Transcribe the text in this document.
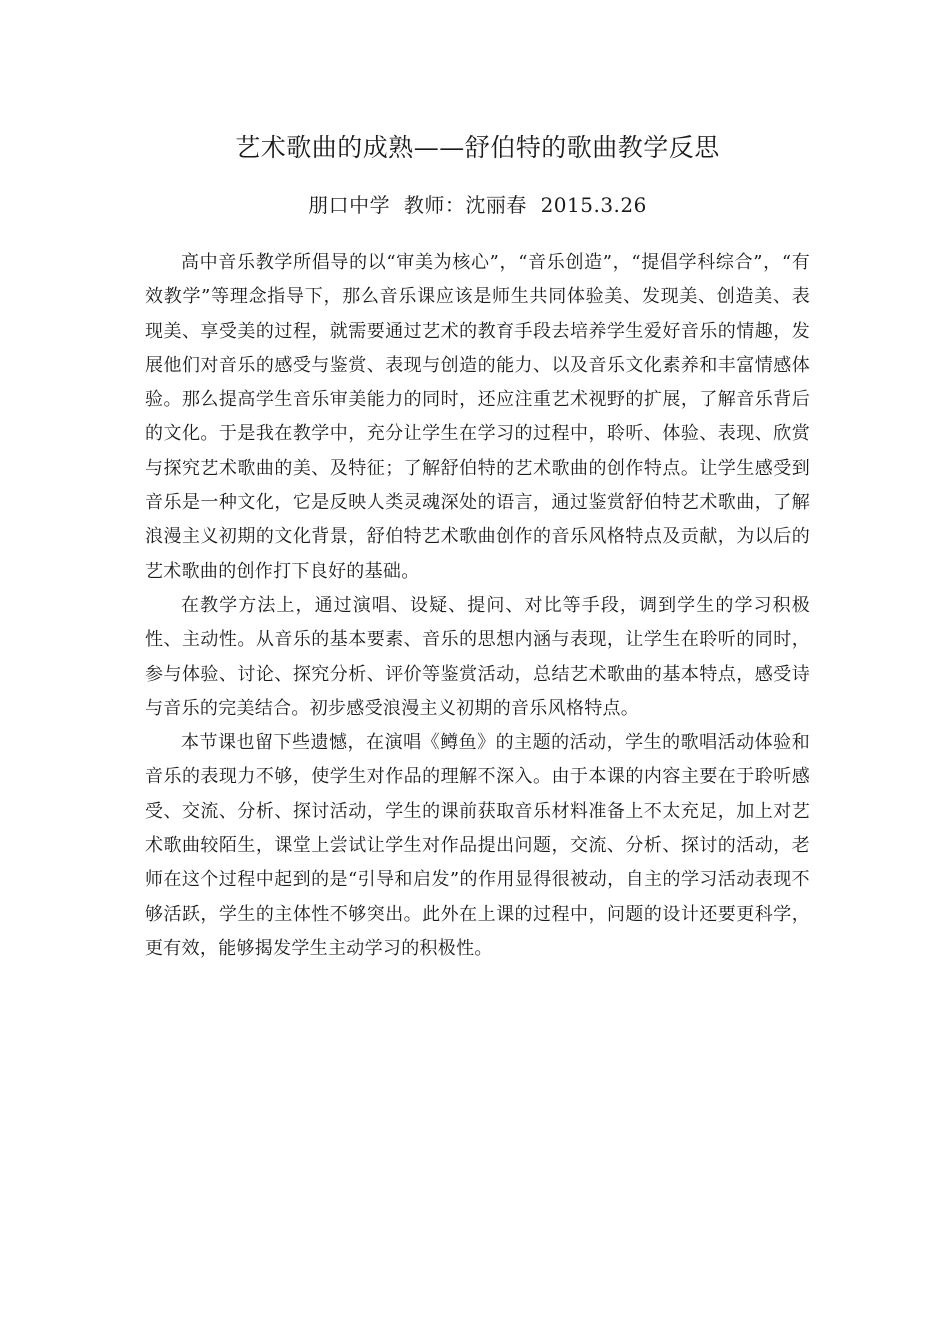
艺术歌曲的成熟——舒伯特的歌曲教学反思
朋口中学 教师：沈丽春 2015.3.26

高中音乐教学所倡导的以“审美为核心”，“音乐创造”，“提倡学科综合”，“有效教学”等理念指导下，那么音乐课应该是师生共同体验美、发现美、创造美、表现美、享受美的过程，就需要通过艺术的教育手段去培养学生爱好音乐的情趣，发展他们对音乐的感受与鉴赏、表现与创造的能力、以及音乐文化素养和丰富情感体验。那么提高学生音乐审美能力的同时，还应注重艺术视野的扩展，了解音乐背后的文化。于是我在教学中，充分让学生在学习的过程中，聆听、体验、表现、欣赏与探究艺术歌曲的美、及特征；了解舒伯特的艺术歌曲的创作特点。让学生感受到音乐是一种文化，它是反映人类灵魂深处的语言，通过鉴赏舒伯特艺术歌曲，了解浪漫主义初期的文化背景，舒伯特艺术歌曲创作的音乐风格特点及贡献，为以后的艺术歌曲的创作打下良好的基础。

在教学方法上，通过演唱、设疑、提问、对比等手段，调到学生的学习积极性、主动性。从音乐的基本要素、音乐的思想内涵与表现，让学生在聆听的同时，参与体验、讨论、探究分析、评价等鉴赏活动，总结艺术歌曲的基本特点，感受诗与音乐的完美结合。初步感受浪漫主义初期的音乐风格特点。

本节课也留下些遗憾，在演唱《鳟鱼》的主题的活动，学生的歌唱活动体验和音乐的表现力不够，使学生对作品的理解不深入。由于本课的内容主要在于聆听感受、交流、分析、探讨活动，学生的课前获取音乐材料准备上不太充足，加上对艺术歌曲较陌生，课堂上尝试让学生对作品提出问题，交流、分析、探讨的活动，老师在这个过程中起到的是“引导和启发”的作用显得很被动，自主的学习活动表现不够活跃，学生的主体性不够突出。此外在上课的过程中，问题的设计还要更科学，更有效，能够揭发学生主动学习的积极性。
